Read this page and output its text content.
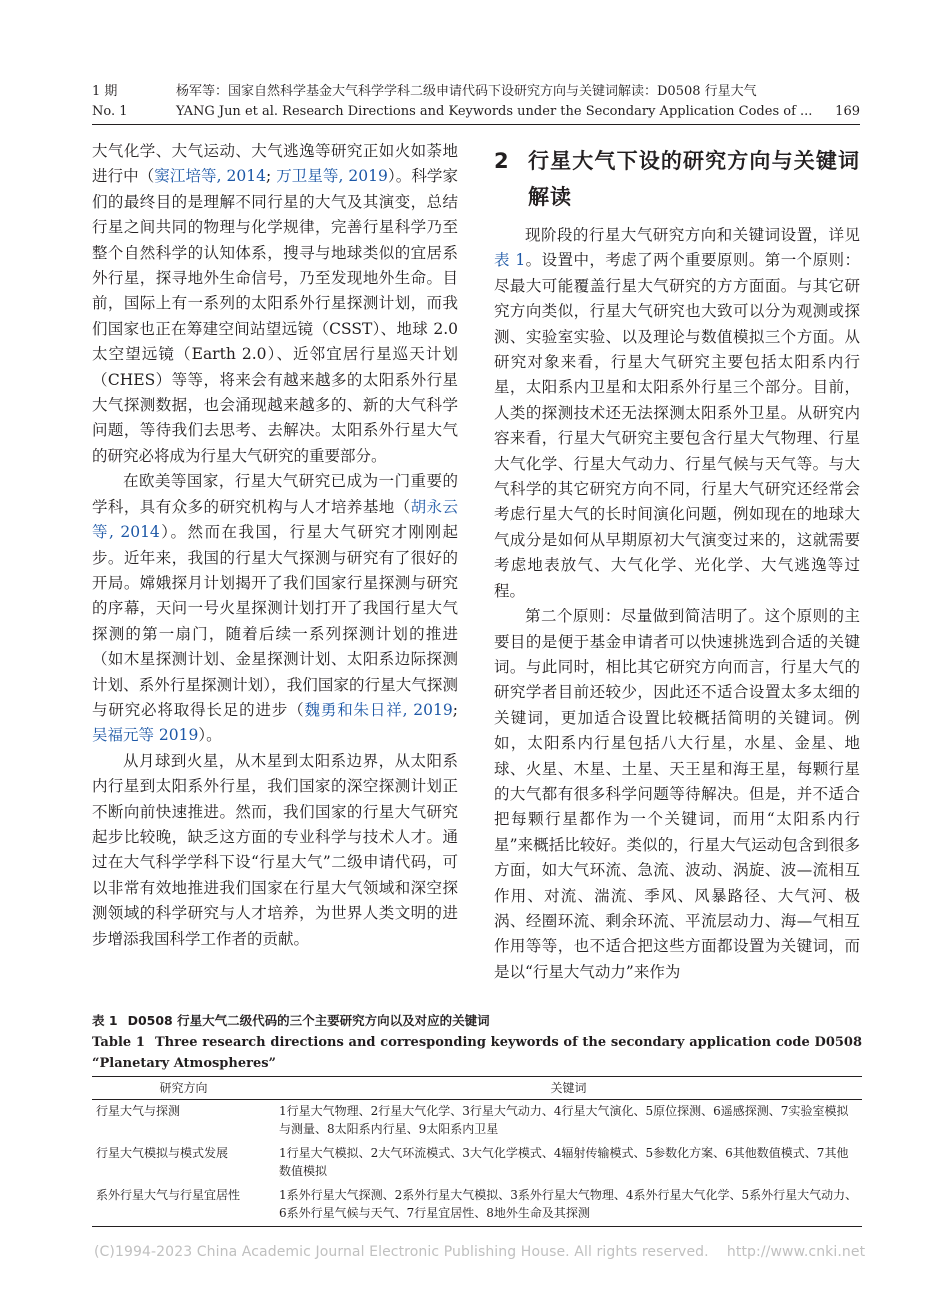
1 期	杨军等：国家自然科学基金大气科学学科二级申请代码下设研究方向与关键词解读：D0508 行星大气
No. 1	YANG Jun et al. Research Directions and Keywords under the Secondary Application Codes of ... 169

大气化学、大气运动、大气逃逸等研究正如火如荼地进行中（窦江培等, 2014; 万卫星等, 2019）。科学家们的最终目的是理解不同行星的大气及其演变，总结行星之间共同的物理与化学规律，完善行星科学乃至整个自然科学的认知体系，搜寻与地球类似的宜居系外行星，探寻地外生命信号，乃至发现地外生命。目前，国际上有一系列的太阳系外行星探测计划，而我们国家也正在筹建空间站望远镜（CSST）、地球 2.0 太空望远镜（Earth 2.0）、近邻宜居行星巡天计划（CHES）等等，将来会有越来越多的太阳系外行星大气探测数据，也会涌现越来越多的、新的大气科学问题，等待我们去思考、去解决。太阳系外行星大气的研究必将成为行星大气研究的重要部分。

在欧美等国家，行星大气研究已成为一门重要的学科，具有众多的研究机构与人才培养基地（胡永云等, 2014）。然而在我国，行星大气研究才刚刚起步。近年来，我国的行星大气探测与研究有了很好的开局。嫦娥探月计划揭开了我们国家行星探测与研究的序幕，天问一号火星探测计划打开了我国行星大气探测的第一扇门，随着后续一系列探测计划的推进（如木星探测计划、金星探测计划、太阳系边际探测计划、系外行星探测计划），我们国家的行星大气探测与研究必将取得长足的进步（魏勇和朱日祥, 2019; 吴福元等 2019）。

从月球到火星，从木星到太阳系边界，从太阳系内行星到太阳系外行星，我们国家的深空探测计划正不断向前快速推进。然而，我们国家的行星大气研究起步比较晚，缺乏这方面的专业科学与技术人才。通过在大气科学学科下设“行星大气”二级申请代码，可以非常有效地推进我们国家在行星大气领域和深空探测领域的科学研究与人才培养，为世界人类文明的进步增添我国科学工作者的贡献。

2 行星大气下设的研究方向与关键词解读

现阶段的行星大气研究方向和关键词设置，详见表 1。设置中，考虑了两个重要原则。第一个原则：尽最大可能覆盖行星大气研究的方方面面。与其它研究方向类似，行星大气研究也大致可以分为观测或探测、实验室实验、以及理论与数值模拟三个方面。从研究对象来看，行星大气研究主要包括太阳系内行星，太阳系内卫星和太阳系外行星三个部分。目前，人类的探测技术还无法探测太阳系外卫星。从研究内容来看，行星大气研究主要包含行星大气物理、行星大气化学、行星大气动力、行星气候与天气等。与大气科学的其它研究方向不同，行星大气研究还经常会考虑行星大气的长时间演化问题，例如现在的地球大气成分是如何从早期原初大气演变过来的，这就需要考虑地表放气、大气化学、光化学、大气逃逸等过程。

第二个原则：尽量做到简洁明了。这个原则的主要目的是便于基金申请者可以快速挑选到合适的关键词。与此同时，相比其它研究方向而言，行星大气的研究学者目前还较少，因此还不适合设置太多太细的关键词，更加适合设置比较概括简明的关键词。例如，太阳系内行星包括八大行星，水星、金星、地球、火星、木星、土星、天王星和海王星，每颗行星的大气都有很多科学问题等待解决。但是，并不适合把每颗行星都作为一个关键词，而用“太阳系内行星”来概括比较好。类似的，行星大气运动包含到很多方面，如大气环流、急流、波动、涡旋、波—流相互作用、对流、湍流、季风、风暴路径、大气河、极涡、经圈环流、剩余环流、平流层动力、海—气相互作用等等，也不适合把这些方面都设置为关键词，而是以“行星大气动力”来作为

表 1 D0508 行星大气二级代码的三个主要研究方向以及对应的关键词
Table 1 Three research directions and corresponding keywords of the secondary application code D0508 “Planetary Atmospheres”
研究方向	关键词
行星大气与探测	1行星大气物理、2行星大气化学、3行星大气动力、4行星大气演化、5原位探测、6遥感探测、7实验室模拟与测量、8太阳系内行星、9太阳系内卫星
行星大气模拟与模式发展	1行星大气模拟、2大气环流模式、3大气化学模式、4辐射传输模式、5参数化方案、6其他数值模式、7其他数值模拟
系外行星大气与行星宜居性	1系外行星大气探测、2系外行星大气模拟、3系外行星大气物理、4系外行星大气化学、5系外行星大气动力、6系外行星气候与天气、7行星宜居性、8地外生命及其探测
(C)1994-2023 China Academic Journal Electronic Publishing House. All rights reserved.    http://www.cnki.net
